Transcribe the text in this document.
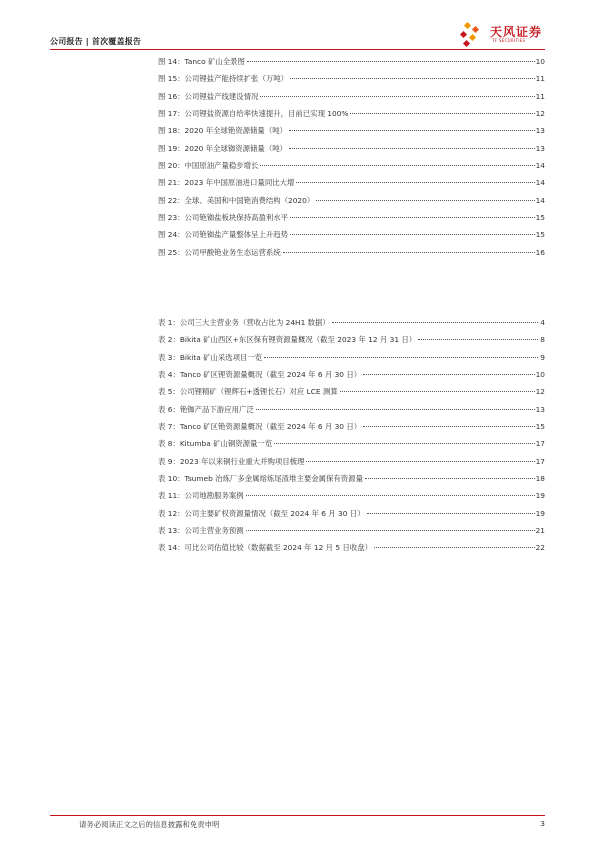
公司报告 | 首次覆盖报告
天风证券
TF SECURITIES
图 14：Tanco 矿山全景图	10
图 15：公司锂盐产能持续扩张（万吨）	11
图 16：公司锂盐产线建设情况	11
图 17：公司锂盐资源自给率快速提升，目前已实现 100%	12
图 18：2020 年全球铯资源储量（吨）	13
图 19：2020 年全球铷资源储量（吨）	13
图 20：中国原油产量稳步增长	14
图 21：2023 年中国原油进口量同比大增	14
图 22：全球、美国和中国铯消费结构（2020）	14
图 23：公司铯铷盐板块保持高盈利水平	15
图 24：公司铯铷盐产量整体呈上升趋势	15
图 25：公司甲酸铯业务生态运营系统	16
表 1：公司三大主营业务（营收占比为 24H1 数据）	4
表 2：Bikita 矿山西区+东区保有锂资源量概况（截至 2023 年 12 月 31 日）	8
表 3：Bikita 矿山采选项目一览	9
表 4：Tanco 矿区锂资源量概况（截至 2024 年 6 月 30 日）	10
表 5：公司锂精矿（锂辉石+透锂长石）对应 LCE 测算	12
表 6：铯铷产品下游应用广泛	13
表 7：Tanco 矿区铯资源量概况（截至 2024 年 6 月 30 日）	15
表 8：Kitumba 矿山铜资源量一览	17
表 9：2023 年以来铜行业重大并购项目梳理	17
表 10：Tsumeb 冶炼厂多金属熔炼尾渣堆主要金属保有资源量	18
表 11：公司地勘服务案例	19
表 12：公司主要矿权资源量情况（截至 2024 年 6 月 30 日）	19
表 13：公司主营业务预测	21
表 14：可比公司估值比较（数据截至 2024 年 12 月 5 日收盘）	22
请务必阅读正文之后的信息披露和免责申明	3
